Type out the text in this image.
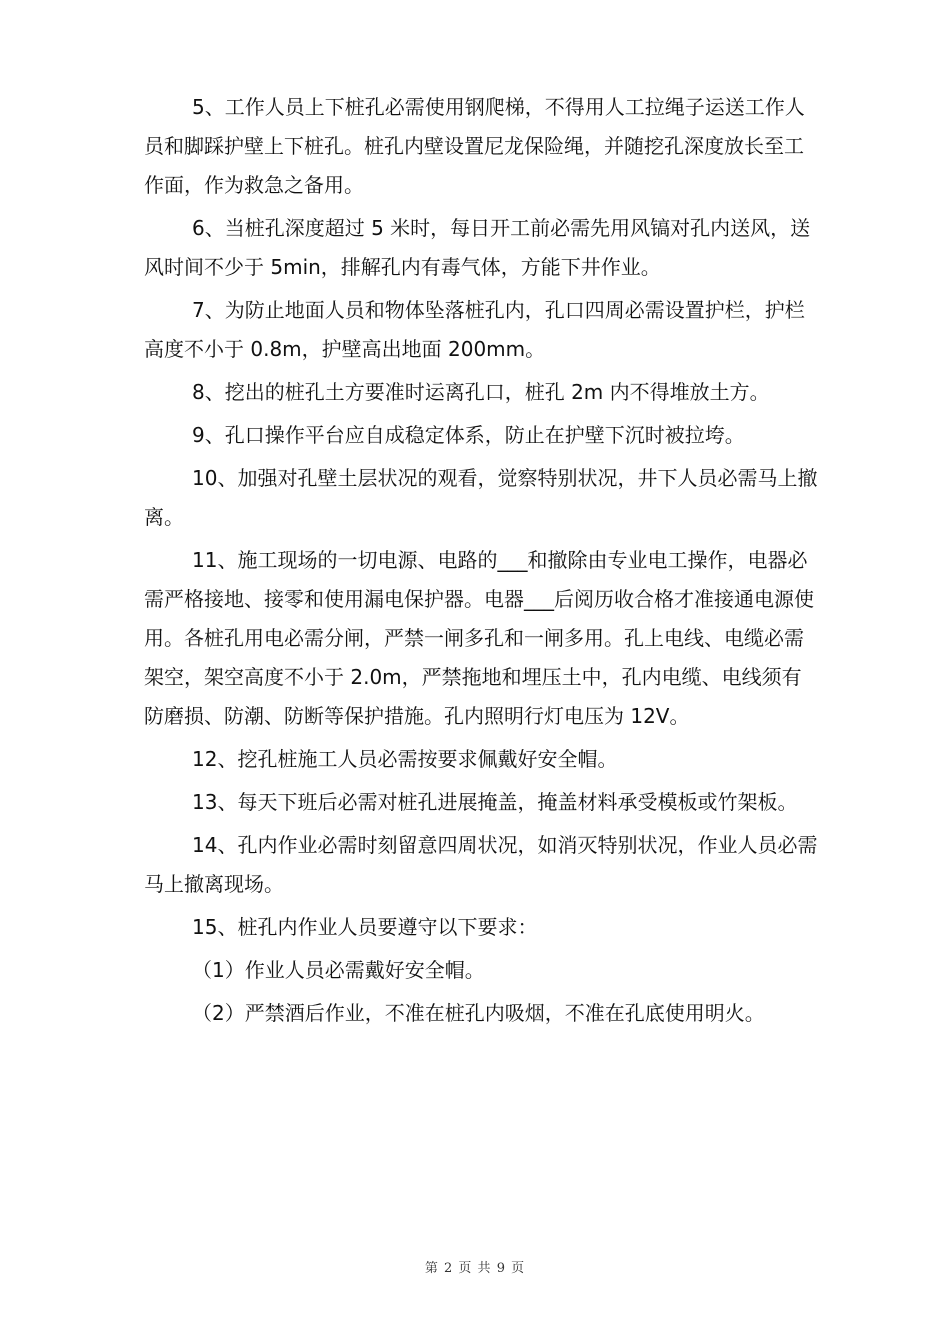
5、工作人员上下桩孔必需使用钢爬梯，不得用人工拉绳子运送工作人员和脚踩护壁上下桩孔。桩孔内壁设置尼龙保险绳，并随挖孔深度放长至工作面，作为救急之备用。

6、当桩孔深度超过 5 米时，每日开工前必需先用风镐对孔内送风，送风时间不少于 5min，排解孔内有毒气体，方能下井作业。

7、为防止地面人员和物体坠落桩孔内，孔口四周必需设置护栏，护栏高度不小于 0.8m，护壁高出地面 200mm。

8、挖出的桩孔土方要准时运离孔口，桩孔 2m 内不得堆放土方。

9、孔口操作平台应自成稳定体系，防止在护壁下沉时被拉垮。

10、加强对孔壁土层状况的观看，觉察特别状况，井下人员必需马上撤离。

11、施工现场的一切电源、电路的___和撤除由专业电工操作，电器必需严格接地、接零和使用漏电保护器。电器___后阅历收合格才准接通电源使用。各桩孔用电必需分闸，严禁一闸多孔和一闸多用。孔上电线、电缆必需架空，架空高度不小于 2.0m，严禁拖地和埋压土中，孔内电缆、电线须有防磨损、防潮、防断等保护措施。孔内照明行灯电压为 12V。

12、挖孔桩施工人员必需按要求佩戴好安全帽。

13、每天下班后必需对桩孔进展掩盖，掩盖材料承受模板或竹架板。

14、孔内作业必需时刻留意四周状况，如消灭特别状况，作业人员必需马上撤离现场。

15、桩孔内作业人员要遵守以下要求：

（1）作业人员必需戴好安全帽。

（2）严禁酒后作业，不准在桩孔内吸烟，不准在孔底使用明火。

第 2 页 共 9 页
